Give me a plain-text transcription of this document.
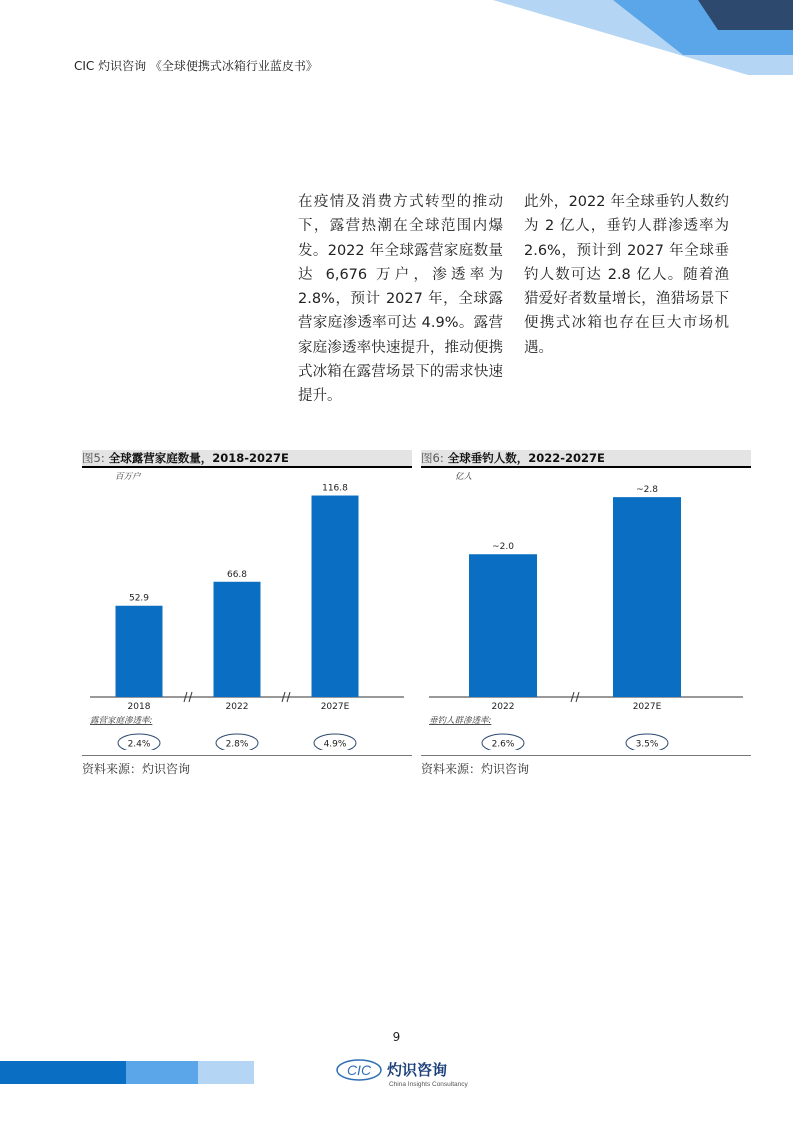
CIC 灼识咨询 《全球便携式冰箱行业蓝皮书》
在疫情及消费方式转型的推动下，露营热潮在全球范围内爆发。2022 年全球露营家庭数量达 6,676 万户，渗透率为 2.8%，预计 2027 年，全球露营家庭渗透率可达 4.9%。露营家庭渗透率快速提升，推动便携式冰箱在露营场景下的需求快速提升。
此外，2022 年全球垂钓人数约为 2 亿人，垂钓人群渗透率为 2.6%，预计到 2027 年全球垂钓人数可达 2.8 亿人。随着渔猎爱好者数量增长，渔猎场景下便携式冰箱也存在巨大市场机遇。
图5: 全球露营家庭数量，2018-2027E
百万户
52.9
2018
2.4%
66.8
2022
2.8%
116.8
2027E
4.9%
露营家庭渗透率:
资料来源：灼识咨询
图6: 全球垂钓人数，2022-2027E
亿人
~2.0
2022
2.6%
~2.8
2027E
3.5%
垂钓人群渗透率:
资料来源：灼识咨询
9
CIC 灼识咨询
China Insights Consultancy
